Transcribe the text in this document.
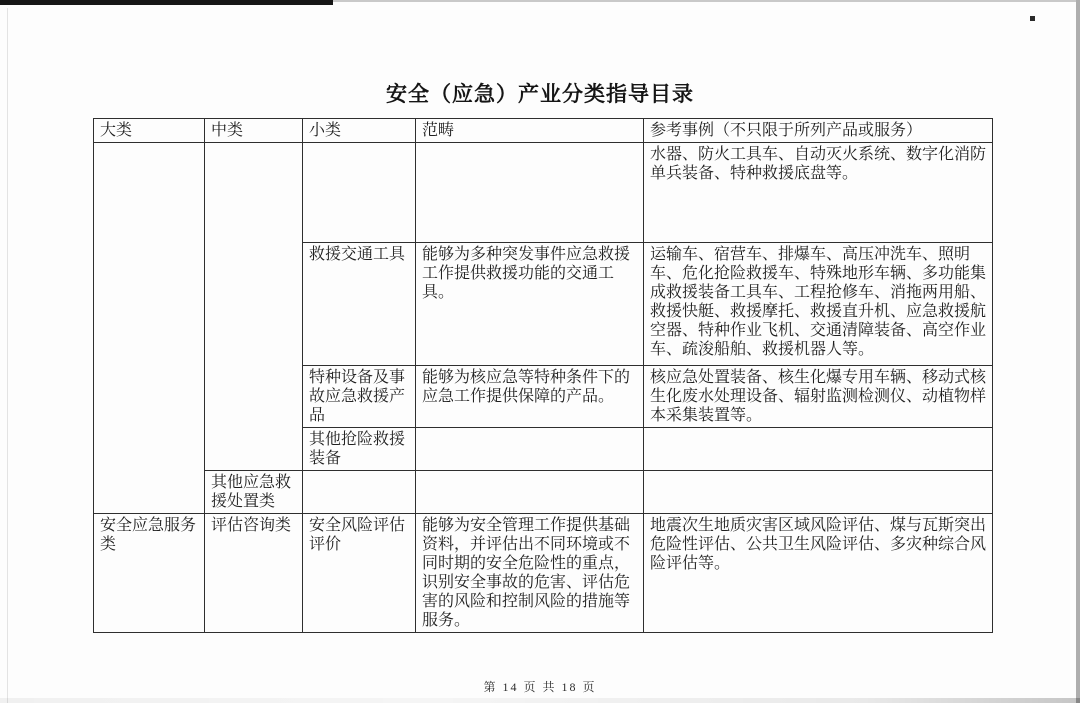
安全（应急）产业分类指导目录
大类	中类	小类	范畴	参考事例（不只限于所列产品或服务）
				水器、防火工具车、自动灭火系统、数字化消防单兵装备、特种救援底盘等。
		救援交通工具	能够为多种突发事件应急救援工作提供救援功能的交通工具。	运输车、宿营车、排爆车、高压冲洗车、照明车、危化抢险救援车、特殊地形车辆、多功能集成救援装备工具车、工程抢修车、消拖两用船、救援快艇、救援摩托、救援直升机、应急救援航空器、特种作业飞机、交通清障装备、高空作业车、疏浚船舶、救援机器人等。
		特种设备及事故应急救援产品	能够为核应急等特种条件下的应急工作提供保障的产品。	核应急处置装备、核生化爆专用车辆、移动式核生化废水处理设备、辐射监测检测仪、动植物样本采集装置等。
		其他抢险救援装备		
	其他应急救援处置类			
安全应急服务类	评估咨询类	安全风险评估评价	能够为安全管理工作提供基础资料，并评估出不同环境或不同时期的安全危险性的重点，识别安全事故的危害、评估危害的风险和控制风险的措施等服务。	地震次生地质灾害区域风险评估、煤与瓦斯突出危险性评估、公共卫生风险评估、多灾种综合风险评估等。
第 14 页 共 18 页
